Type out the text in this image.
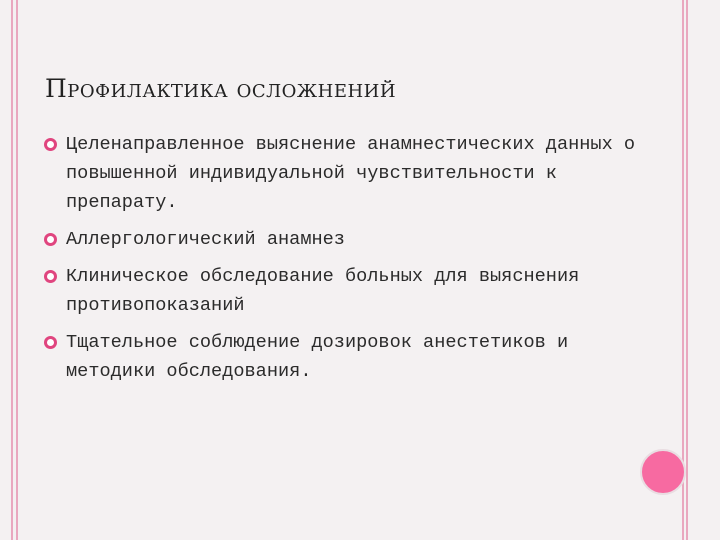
Профилактика осложнений
Целенаправленное выяснение анамнестических данных о повышенной индивидуальной чувствительности к препарату.
Аллергологический анамнез
Клиническое обследование больных для выяснения противопоказаний
Тщательное соблюдение дозировок анестетиков и методики обследования.
